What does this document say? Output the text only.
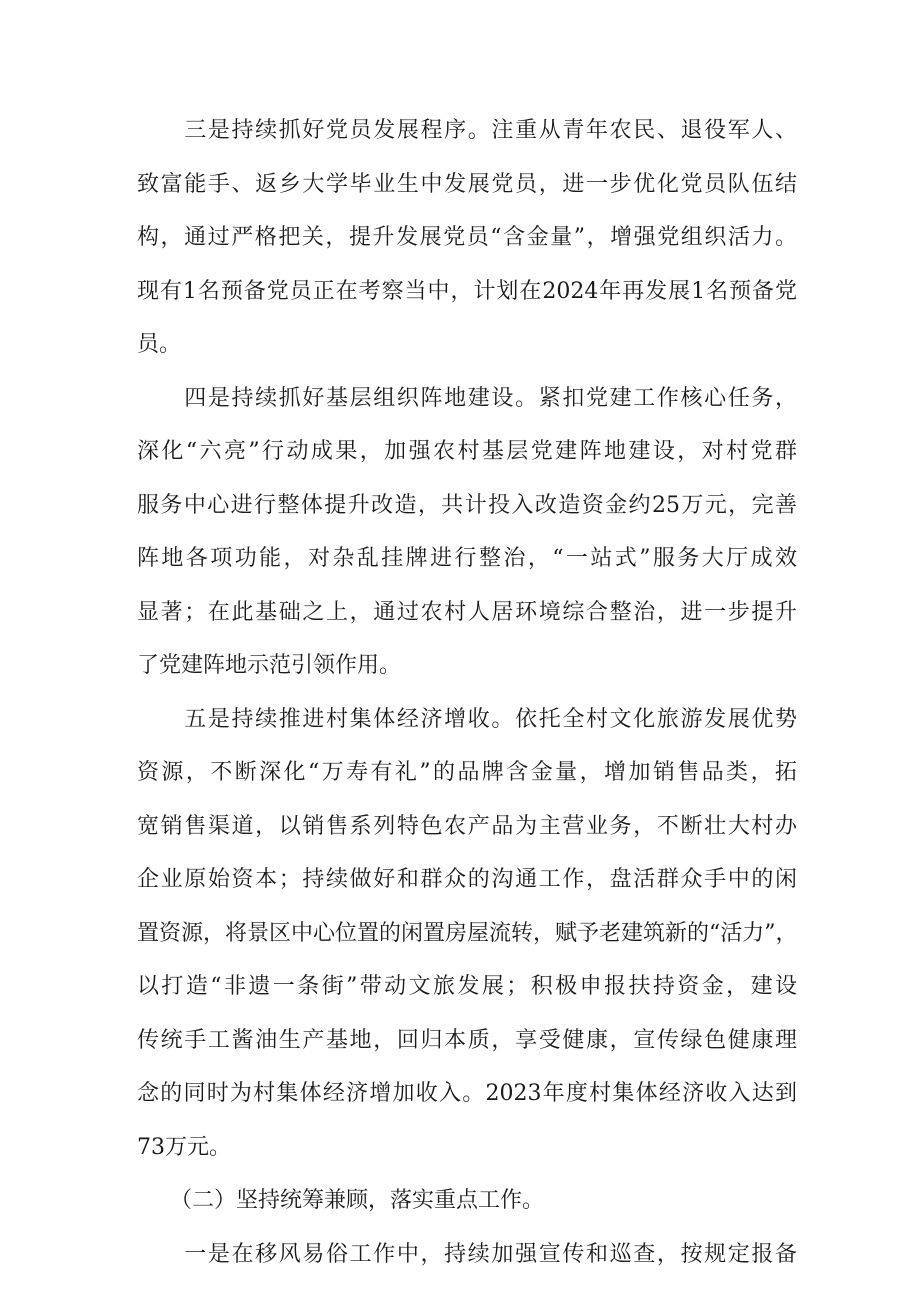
　　三是持续抓好党员发展程序。注重从青年农民、退役军人、
致富能手、返乡大学毕业生中发展党员，进一步优化党员队伍结
构，通过严格把关，提升发展党员“含金量”，增强党组织活力。
现有1名预备党员正在考察当中，计划在2024年再发展1名预备党
员。
　　四是持续抓好基层组织阵地建设。紧扣党建工作核心任务，
深化“六亮”行动成果，加强农村基层党建阵地建设，对村党群
服务中心进行整体提升改造，共计投入改造资金约25万元，完善
阵地各项功能，对杂乱挂牌进行整治，“一站式”服务大厅成效
显著；在此基础之上，通过农村人居环境综合整治，进一步提升
了党建阵地示范引领作用。
　　五是持续推进村集体经济增收。依托全村文化旅游发展优势
资源，不断深化“万寿有礼”的品牌含金量，增加销售品类，拓
宽销售渠道，以销售系列特色农产品为主营业务，不断壮大村办
企业原始资本；持续做好和群众的沟通工作，盘活群众手中的闲
置资源，将景区中心位置的闲置房屋流转，赋予老建筑新的“活力”，
以打造“非遗一条街”带动文旅发展；积极申报扶持资金，建设
传统手工酱油生产基地，回归本质，享受健康，宣传绿色健康理
念的同时为村集体经济增加收入。2023年度村集体经济收入达到
73万元。
　　（二）坚持统筹兼顾，落实重点工作。
　　一是在移风易俗工作中，持续加强宣传和巡查，按规定报备
